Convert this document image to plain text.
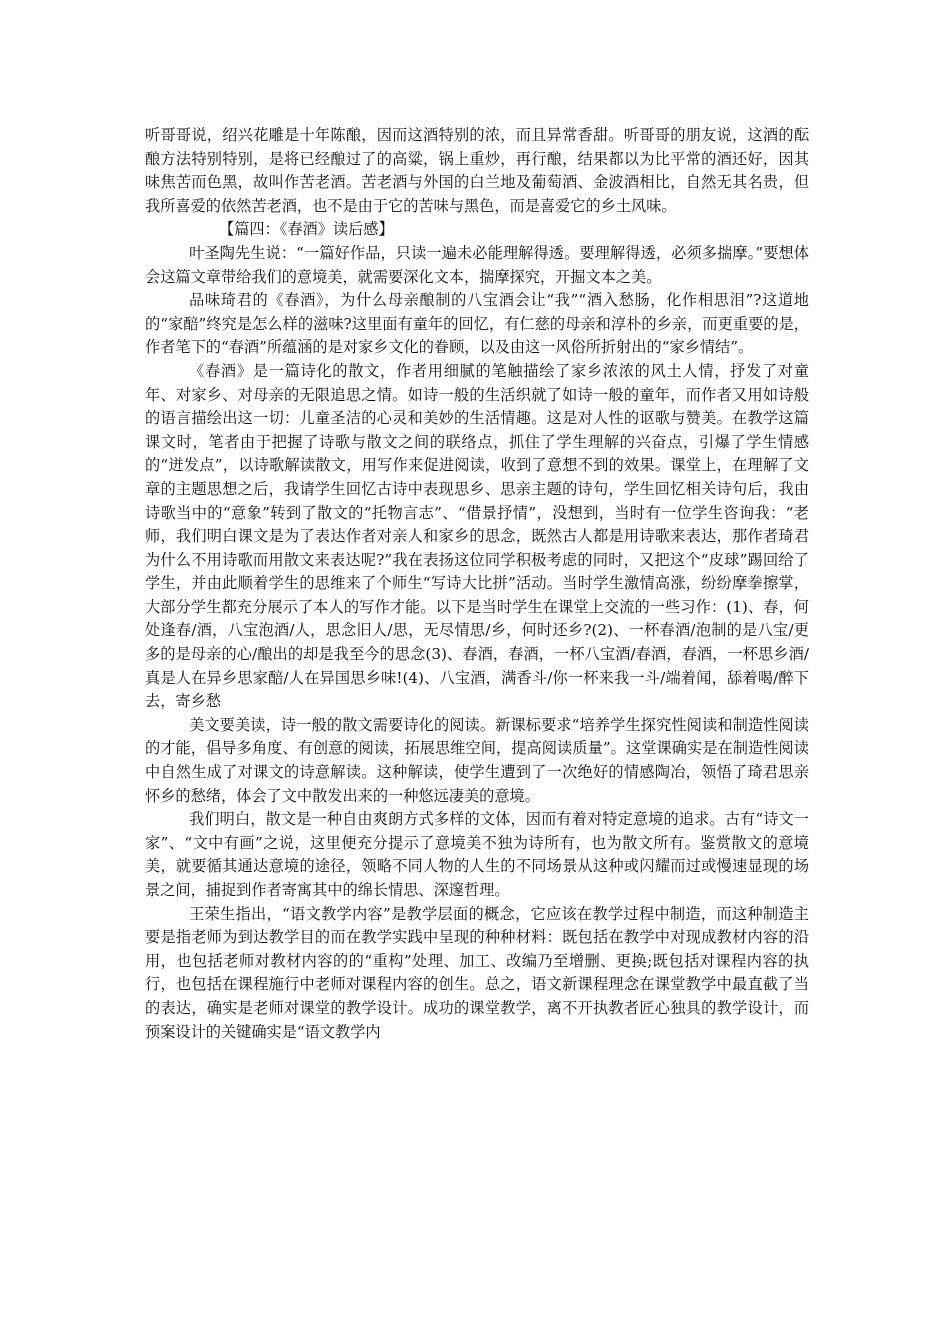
听哥哥说，绍兴花雕是十年陈酿，因而这酒特别的浓，而且异常香甜。听哥哥的朋友说，这酒的酝酿方法特别特别，是将已经酿过了的高粱，锅上重炒，再行酿，结果都以为比平常的酒还好，因其味焦苦而色黑，故叫作苦老酒。苦老酒与外国的白兰地及葡萄酒、金波酒相比，自然无其名贵，但我所喜爱的依然苦老酒，也不是由于它的苦味与黑色，而是喜爱它的乡土风味。

【篇四：《春酒》读后感】

叶圣陶先生说：“一篇好作品，只读一遍未必能理解得透。要理解得透，必须多揣摩。”要想体会这篇文章带给我们的意境美，就需要深化文本，揣摩探究，开掘文本之美。

品味琦君的《春酒》，为什么母亲酿制的八宝酒会让“我”“酒入愁肠，化作相思泪”?这道地的“家醅”终究是怎么样的滋味?这里面有童年的回忆，有仁慈的母亲和淳朴的乡亲，而更重要的是，作者笔下的“春酒”所蕴涵的是对家乡文化的眷顾，以及由这一风俗所折射出的“家乡情结”。

《春酒》是一篇诗化的散文，作者用细腻的笔触描绘了家乡浓浓的风土人情，抒发了对童年、对家乡、对母亲的无限追思之情。如诗一般的生活织就了如诗一般的童年，而作者又用如诗般的语言描绘出这一切：儿童圣洁的心灵和美妙的生活情趣。这是对人性的讴歌与赞美。在教学这篇课文时，笔者由于把握了诗歌与散文之间的联络点，抓住了学生理解的兴奋点，引爆了学生情感的“迸发点”，以诗歌解读散文，用写作来促进阅读，收到了意想不到的效果。课堂上，在理解了文章的主题思想之后，我请学生回忆古诗中表现思乡、思亲主题的诗句，学生回忆相关诗句后，我由诗歌当中的“意象”转到了散文的“托物言志”、“借景抒情”，没想到，当时有一位学生咨询我：“老师，我们明白课文是为了表达作者对亲人和家乡的思念，既然古人都是用诗歌来表达，那作者琦君为什么不用诗歌而用散文来表达呢?”我在表扬这位同学积极考虑的同时，又把这个“皮球”踢回给了学生，并由此顺着学生的思维来了个师生“写诗大比拼”活动。当时学生激情高涨，纷纷摩拳擦掌，大部分学生都充分展示了本人的写作才能。以下是当时学生在课堂上交流的一些习作：(1)、春，何处逢春/酒，八宝泡酒/人，思念旧人/思，无尽情思/乡，何时还乡?(2)、一杯春酒/泡制的是八宝/更多的是母亲的心/酿出的却是我至今的思念(3)、春酒，春酒，一杯八宝酒/春酒，春酒，一杯思乡酒/真是人在异乡思家醅/人在异国思乡味!(4)、八宝酒，满香斗/你一杯来我一斗/端着闻，舔着喝/醉下去，寄乡愁

美文要美读，诗一般的散文需要诗化的阅读。新课标要求“培养学生探究性阅读和制造性阅读的才能，倡导多角度、有创意的阅读，拓展思维空间，提高阅读质量”。这堂课确实是在制造性阅读中自然生成了对课文的诗意解读。这种解读，使学生遭到了一次绝好的情感陶冶，领悟了琦君思亲怀乡的愁绪，体会了文中散发出来的一种悠远凄美的意境。

我们明白，散文是一种自由爽朗方式多样的文体，因而有着对特定意境的追求。古有“诗文一家”、“文中有画”之说，这里便充分提示了意境美不独为诗所有，也为散文所有。鉴赏散文的意境美，就要循其通达意境的途径，领略不同人物的人生的不同场景从这种或闪耀而过或慢速显现的场景之间，捕捉到作者寄寓其中的绵长情思、深邃哲理。

王荣生指出，“语文教学内容”是教学层面的概念，它应该在教学过程中制造，而这种制造主要是指老师为到达教学目的而在教学实践中呈现的种种材料：既包括在教学中对现成教材内容的沿用，也包括老师对教材内容的的“重构”处理、加工、改编乃至增删、更换;既包括对课程内容的执行，也包括在课程施行中老师对课程内容的创生。总之，语文新课程理念在课堂教学中最直截了当的表达，确实是老师对课堂的教学设计。成功的课堂教学，离不开执教者匠心独具的教学设计，而预案设计的关键确实是“语文教学内
